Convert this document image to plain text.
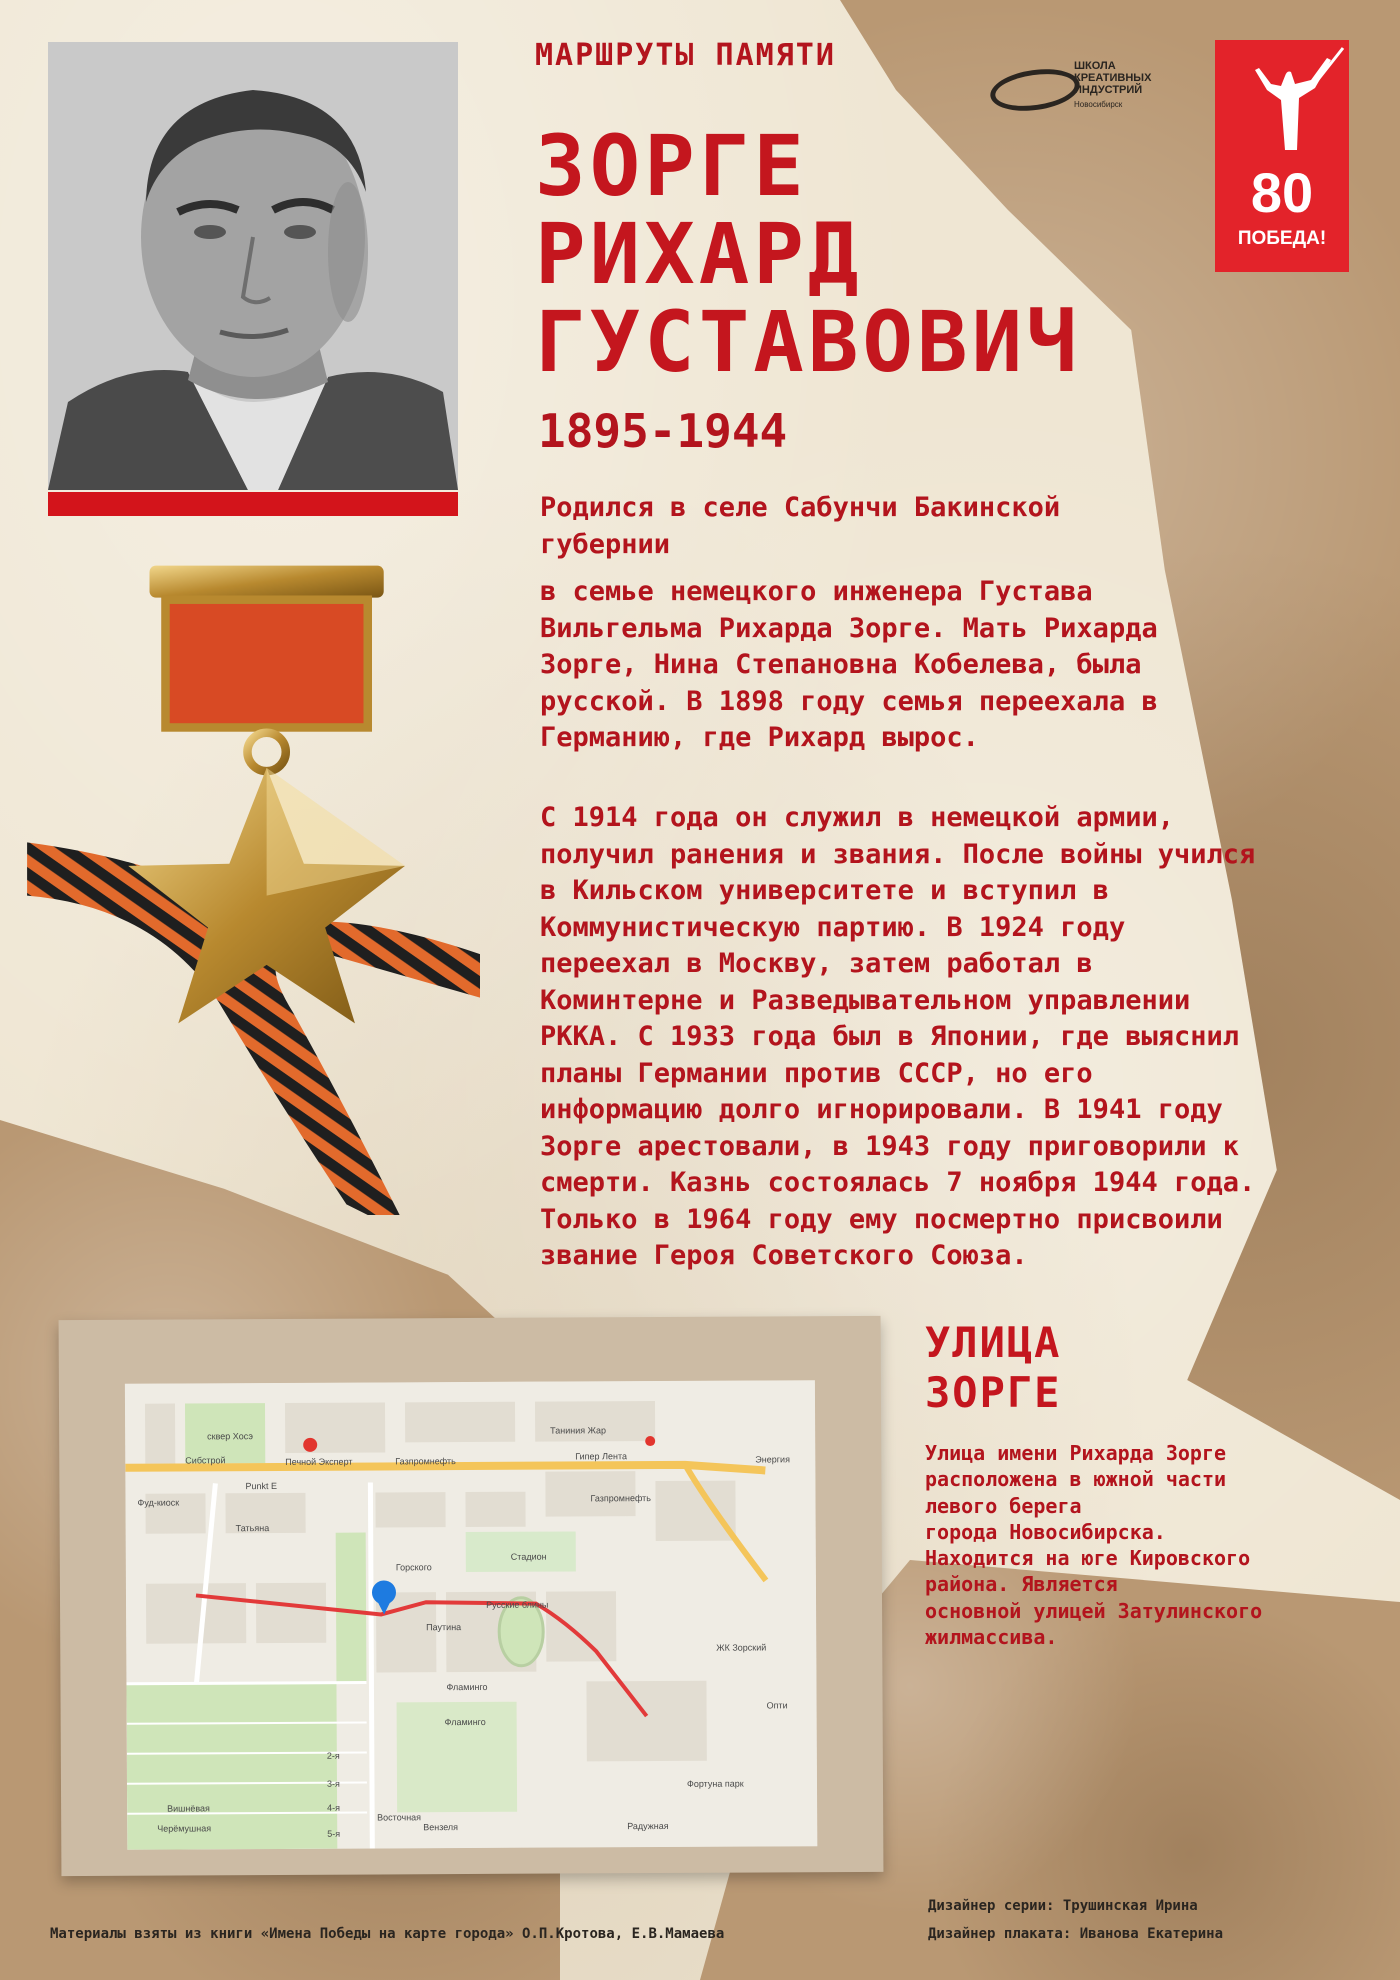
МАРШРУТЫ ПАМЯТИ	ШКОЛА
КРЕАТИВНЫХ
ИНДУСТРИЙ
Новосибирск
80
ПОБЕДА!
ЗОРГЕ
РИХАРД
ГУСТАВОВИЧ
1895-1944
Родился в селе Сабунчи Бакинской
губернии
в семье немецкого инженера Густава
Вильгельма Рихарда Зорге. Мать Рихарда
Зорге, Нина Степановна Кобелева, была
русской. В 1898 году семья переехала в
Германию, где Рихард вырос.
С 1914 года он служил в немецкой армии,
получил ранения и звания. После войны учился
в Кильском университете и вступил в
Коммунистическую партию. В 1924 году
переехал в Москву, затем работал в
Коминтерне и Разведывательном управлении
РККА. С 1933 года был в Японии, где выяснил
планы Германии против СССР, но его
информацию долго игнорировали. В 1941 году
Зорге арестовали, в 1943 году приговорили к
смерти. Казнь состоялась 7 ноября 1944 года.
Только в 1964 году ему посмертно присвоили
звание Героя Советского Союза.
сквер Хосэ
Печной Эксперт	Газпромнефть
Таниния Жар
Гипер Лента	Энергия
Сибстрой
Punkt E
Фуд-киоск
Татьяна
Газпромнефть
Стадион
Горского
Паутина
Русские блины
Фламинго
Фламинго
ЖК Зорский
Опти
Фортуна парк
Вишнёвая
Черёмушная
2-я
3-я
4-я
5-я
Восточная
Вензеля	Радужная
УЛИЦА
ЗОРГЕ
Улица имени Рихарда Зорге
расположена в южной части
левого берега
города Новосибирска.
Находится на юге Кировского
района. Является
основной улицей Затулинского
жилмассива.
Материалы взяты из книги «Имена Победы на карте города» О.П.Кротова, Е.В.Мамаева
Дизайнер серии: Трушинская Ирина
Дизайнер плаката: Иванова Екатерина
